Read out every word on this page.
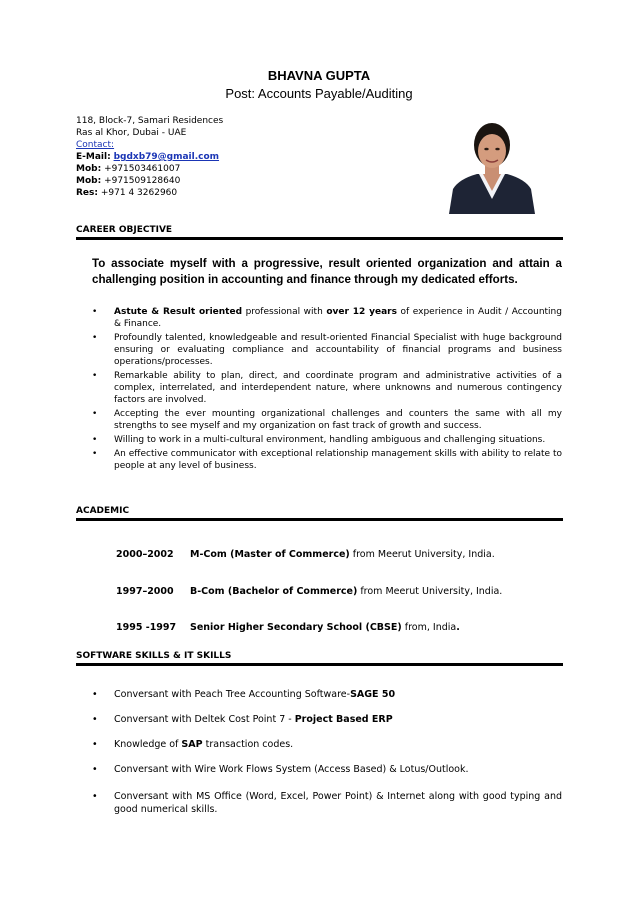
BHAVNA GUPTA
Post: Accounts Payable/Auditing
118, Block-7, Samari Residences
Ras al Khor, Dubai - UAE
Contact:
E-Mail: bgdxb79@gmail.com
Mob: +971503461007
Mob: +971509128640
Res: +971 4 3262960
CAREER OBJECTIVE
To associate myself with a progressive, result oriented organization and attain a challenging position in accounting and finance through my dedicated efforts.
• Astute & Result oriented professional with over 12 years of experience in Audit / Accounting & Finance.
• Profoundly talented, knowledgeable and result-oriented Financial Specialist with huge background ensuring or evaluating compliance and accountability of financial programs and business operations/processes.
• Remarkable ability to plan, direct, and coordinate program and administrative activities of a complex, interrelated, and interdependent nature, where unknowns and numerous contingency factors are involved.
• Accepting the ever mounting organizational challenges and counters the same with all my strengths to see myself and my organization on fast track of growth and success.
• Willing to work in a multi-cultural environment, handling ambiguous and challenging situations.
• An effective communicator with exceptional relationship management skills with ability to relate to people at any level of business.
ACADEMIC
2000–2002 M-Com (Master of Commerce) from Meerut University, India.
1997–2000 B-Com (Bachelor of Commerce) from Meerut University, India.
1995 -1997 Senior Higher Secondary School (CBSE) from, India.
SOFTWARE SKILLS & IT SKILLS
•	Conversant with Peach Tree Accounting Software-SAGE 50
•	Conversant with Deltek Cost Point 7 - Project Based ERP
•	Knowledge of SAP transaction codes.
•	Conversant with Wire Work Flows System (Access Based) & Lotus/Outlook.
•	Conversant with MS Office (Word, Excel, Power Point) & Internet along with good typing and good numerical skills.
